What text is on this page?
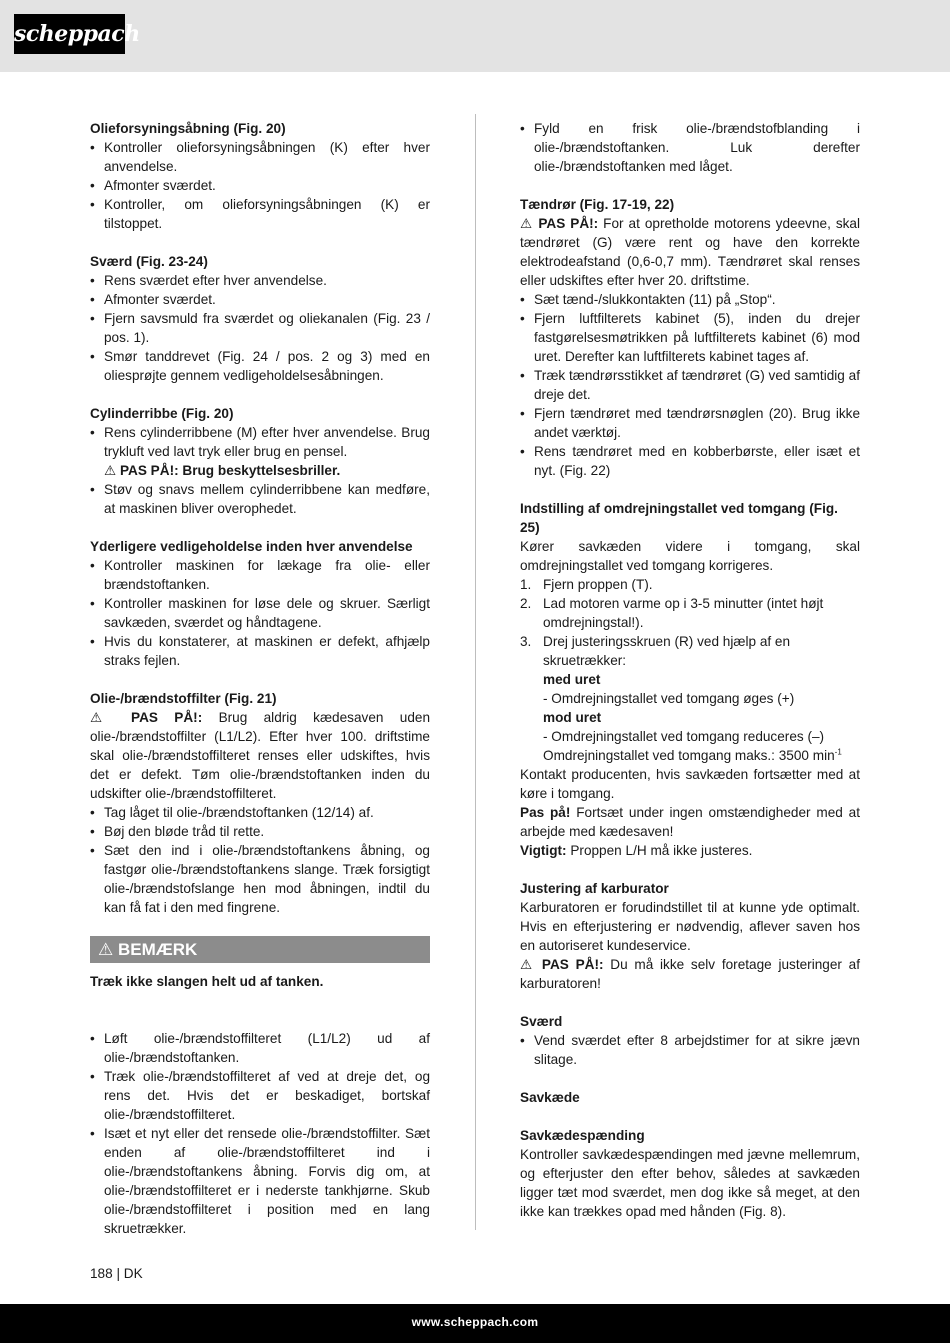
scheppach
Olieforsyningsåbning (Fig. 20)
• Kontroller olieforsyningsåbningen (K) efter hver anvendelse.
• Afmonter sværdet.
• Kontroller, om olieforsyningsåbningen (K) er tilstoppet.
Sværd (Fig. 23-24)
• Rens sværdet efter hver anvendelse.
• Afmonter sværdet.
• Fjern savsmuld fra sværdet og oliekanalen (Fig. 23 / pos. 1).
• Smør tanddrevet (Fig. 24 / pos. 2 og 3) med en oliesprøjte gennem vedligeholdelsesåbningen.
Cylinderribbe (Fig. 20)
• Rens cylinderribbene (M) efter hver anvendelse. Brug trykluft ved lavt tryk eller brug en pensel.
⚠ PAS PÅ!: Brug beskyttelsesbriller.
• Støv og snavs mellem cylinderribbene kan medføre, at maskinen bliver overophedet.
Yderligere vedligeholdelse inden hver anvendelse
• Kontroller maskinen for lækage fra olie- eller brændstoftanken.
• Kontroller maskinen for løse dele og skruer. Særligt savkæden, sværdet og håndtagene.
• Hvis du konstaterer, at maskinen er defekt, afhjælp straks fejlen.
Olie-/brændstoffilter (Fig. 21)

⚠ PAS PÅ!: Brug aldrig kædesaven uden olie-/brændstoffilter (L1/L2). Efter hver 100. driftstime skal olie-/brændstoffilteret renses eller udskiftes, hvis det er defekt. Tøm olie-/brændstoftanken inden du udskifter olie-/brændstoffilteret.

• Tag låget til olie-/brændstoftanken (12/14) af.
• Bøj den bløde tråd til rette.
• Sæt den ind i olie-/brændstoftankens åbning, og fastgør olie-/brændstoftankens slange. Træk forsigtigt olie-/brændstofslange hen mod åbningen, indtil du kan få fat i den med fingrene.
⚠ BEMÆRK
Træk ikke slangen helt ud af tanken.
• Løft olie-/brændstoffilteret (L1/L2) ud af olie-/brændstoftanken.
• Træk olie-/brændstoffilteret af ved at dreje det, og rens det. Hvis det er beskadiget, bortskaf olie-/brændstoffilteret.
• Isæt et nyt eller det rensede olie-/brændstoffilter. Sæt enden af olie-/brændstoffilteret ind i olie-/brændstoftankens åbning. Forvis dig om, at olie-/brændstoffilteret er i nederste tankhjørne. Skub olie-/brændstoffilteret i position med en lang skruetrækker.
• Fyld en frisk olie-/brændstofblanding i olie-/brændstoftanken. Luk derefter olie-/brændstoftanken med låget.
Tændrør (Fig. 17-19, 22)

⚠ PAS PÅ!: For at opretholde motorens ydeevne, skal tændrøret (G) være rent og have den korrekte elektrodeafstand (0,6-0,7 mm). Tændrøret skal renses eller udskiftes efter hver 20. driftstime.

• Sæt tænd-/slukkontakten (11) på „Stop“.
• Fjern luftfilterets kabinet (5), inden du drejer fastgørelsesmøtrikken på luftfilterets kabinet (6) mod uret. Derefter kan luftfilterets kabinet tages af.
• Træk tændrørsstikket af tændrøret (G) ved samtidig af dreje det.
• Fjern tændrøret med tændrørsnøglen (20). Brug ikke andet værktøj.
• Rens tændrøret med en kobberbørste, eller isæt et nyt. (Fig. 22)
Indstilling af omdrejningstallet ved tomgang (Fig. 25)

Kører savkæden videre i tomgang, skal omdrejningstallet ved tomgang korrigeres.

1. Fjern proppen (T).
2. Lad motoren varme op i 3-5 minutter (intet højt omdrejningstal!).
3. Drej justeringsskruen (R) ved hjælp af en skruetrækker:
med uret
- Omdrejningstallet ved tomgang øges (+)
mod uret
- Omdrejningstallet ved tomgang reduceres (–)
Omdrejningstallet ved tomgang maks.: 3500 $\min^{-1}$

Kontakt producenten, hvis savkæden fortsætter med at køre i tomgang.

Pas på! Fortsæt under ingen omstændigheder med at arbejde med kædesaven!

Vigtigt: Proppen L/H må ikke justeres.

Justering af karburator

Karburatoren er forudindstillet til at kunne yde optimalt. Hvis en efterjustering er nødvendig, aflever saven hos en autoriseret kundeservice.

⚠ PAS PÅ!: Du må ikke selv foretage justeringer af karburatoren!

Sværd
• Vend sværdet efter 8 arbejdstimer for at sikre jævn slitage.
Savkæde
Savkædespænding

Kontroller savkædespændingen med jævne mellemrum, og efterjuster den efter behov, således at savkæden ligger tæt mod sværdet, men dog ikke så meget, at den ikke kan trækkes opad med hånden (Fig. 8).

188 | DK
www.scheppach.com
